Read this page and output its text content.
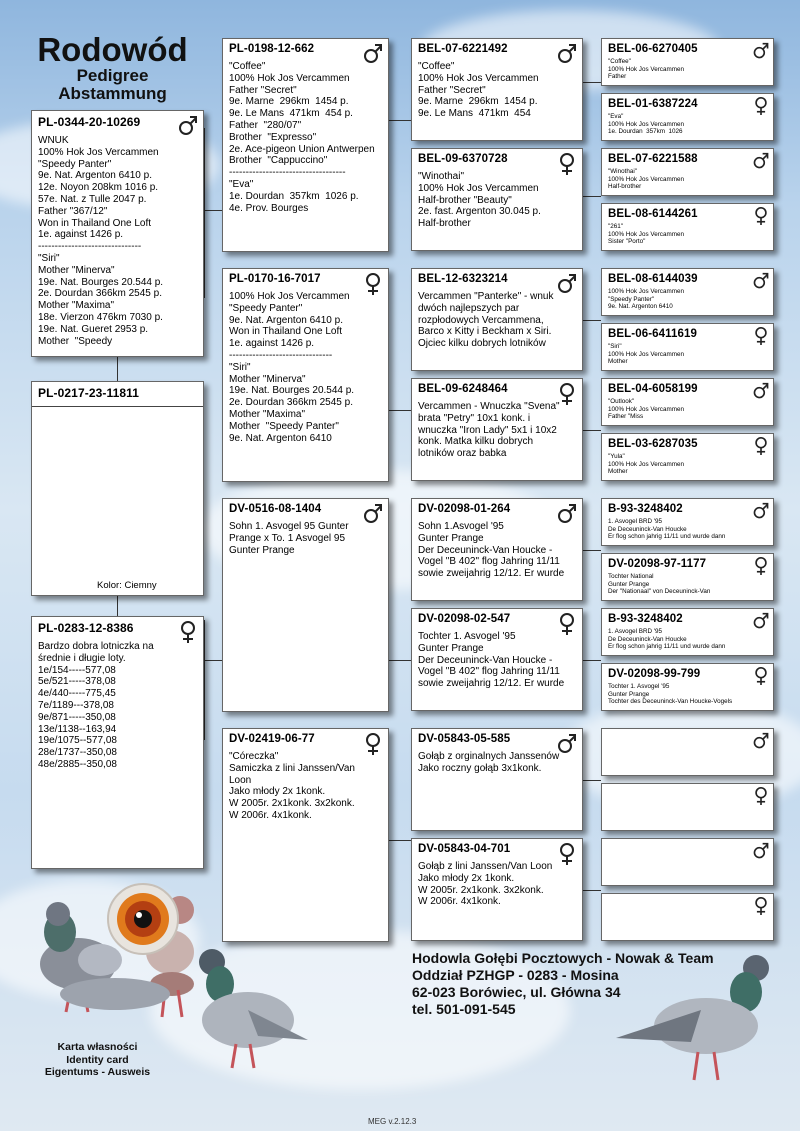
Rodowód
Pedigree
Abstammung
PL-0344-20-10269
WNUK
100% Hok Jos Vercammen
"Speedy Panter"
9e. Nat. Argenton 6410 p.
12e. Noyon 208km 1016 p.
57e. Nat. z Tulle 2047 p.
Father "367/12"
Won in Thailand One Loft
1e. against 1426 p.
-------------------------------
"Siri"
Mother "Minerva"
19e. Nat. Bourges 20.544 p.
2e. Dourdan 366km 2545 p.
Mother "Maxima"
18e. Vierzon 476km 7030 p.
19e. Nat. Gueret 2953 p.
Mother  "Speedy
PL-0217-23-11811
Kolor: Ciemny
PL-0283-12-8386
Bardzo dobra lotniczka na
średnie i długie loty.
1e/154-----577,08
5e/521-----378,08
4e/440-----775,45
7e/1189---378,08
9e/871-----350,08
13e/1138--163,94
19e/1075--577,08
28e/1737--350,08
48e/2885--350,08
PL-0198-12-662
"Coffee"
100% Hok Jos Vercammen
Father "Secret"
9e. Marne  296km  1454 p.
9e. Le Mans  471km  454 p.
Father  "280/07"
Brother  "Expresso"
2e. Ace-pigeon Union Antwerpen
Brother  "Cappuccino"
-----------------------------------
"Eva"
1e. Dourdan  357km  1026 p.
4e. Prov. Bourges
PL-0170-16-7017
100% Hok Jos Vercammen
"Speedy Panter"
9e. Nat. Argenton 6410 p.
Won in Thailand One Loft
1e. against 1426 p.
-------------------------------
"Siri"
Mother "Minerva"
19e. Nat. Bourges 20.544 p.
2e. Dourdan 366km 2545 p.
Mother "Maxima"
Mother  "Speedy Panter"
9e. Nat. Argenton 6410
DV-0516-08-1404
Sohn 1. Asvogel 95 Gunter
Prange x To. 1 Asvogel 95
Gunter Prange
DV-02419-06-77
"Córeczka"
Samiczka z lini Janssen/Van
Loon
Jako młody 2x 1konk.
W 2005r. 2x1konk. 3x2konk.
W 2006r. 4x1konk.
BEL-07-6221492
"Coffee"
100% Hok Jos Vercammen
Father "Secret"
9e. Marne  296km  1454 p.
9e. Le Mans  471km  454
BEL-09-6370728
"Winothai"
100% Hok Jos Vercammen
Half-brother "Beauty"
2e. fast. Argenton 30.045 p.
Half-brother
BEL-12-6323214
Vercammen "Panterke" - wnuk
dwóch najlepszych par
rozpłodowych Vercammena,
Barco x Kitty i Beckham x Siri.
Ojciec kilku dobrych lotników
BEL-09-6248464
Vercammen - Wnuczka "Svena"
brata "Petry" 10x1 konk. i
wnuczka "Iron Lady" 5x1 i 10x2
konk. Matka kilku dobrych
lotników oraz babka
DV-02098-01-264
Sohn 1.Asvogel '95
Gunter Prange
Der Deceuninck-Van Houcke -
Vogel "B 402" flog Jahring 11/11
sowie zweijahrig 12/12. Er wurde
DV-02098-02-547
Tochter 1. Asvogel '95
Gunter Prange
Der Deceuninck-Van Houcke -
Vogel "B 402" flog Jahring 11/11
sowie zweijahrig 12/12. Er wurde
DV-05843-05-585
Gołąb z orginalnych Janssenów
Jako roczny gołąb 3x1konk.
DV-05843-04-701
Gołąb z lini Janssen/Van Loon
Jako młody 2x 1konk.
W 2005r. 2x1konk. 3x2konk.
W 2006r. 4x1konk.
BEL-06-6270405
"Coffee"
100% Hok Jos Vercammen
Father
BEL-01-6387224
"Eva"
100% Hok Jos Vercammen
1e. Dourdan  357km  1026
BEL-07-6221588
"Winothai"
100% Hok Jos Vercammen
Half-brother
BEL-08-6144261
"261"
100% Hok Jos Vercammen
Sister "Porto"
BEL-08-6144039
100% Hok Jos Vercammen
"Speedy Panter"
9e. Nat. Argenton 6410
BEL-06-6411619
"Siri"
100% Hok Jos Vercammen
Mother
BEL-04-6058199
"Outlook"
100% Hok Jos Vercammen
Father "Miss
BEL-03-6287035
"Yula"
100% Hok Jos Vercammen
Mother
B-93-3248402
1. Asvogel BRD '95
De Deceuninck-Van Houcke
Er flog schon jahrig 11/11 und wurde dann
DV-02098-97-1177
Tochter National
Gunter Prange
Der "Nationaal" von Deceuninck-Van
B-93-3248402
1. Asvogel BRD '95
De Deceuninck-Van Houcke
Er flog schon jahrig 11/11 und wurde dann
DV-02098-99-799
Tochter 1. Asvogel '95
Gunter Prange
Tochter des Deceuninck-Van Houcke-Vogels
Hodowla Gołębi Pocztowych - Nowak & Team
Oddział PZHGP - 0283 - Mosina
62-023 Borówiec, ul. Główna 34
tel. 501-091-545
Karta własności
Identity card
Eigentums - Ausweis
MEG v.2.12.3
